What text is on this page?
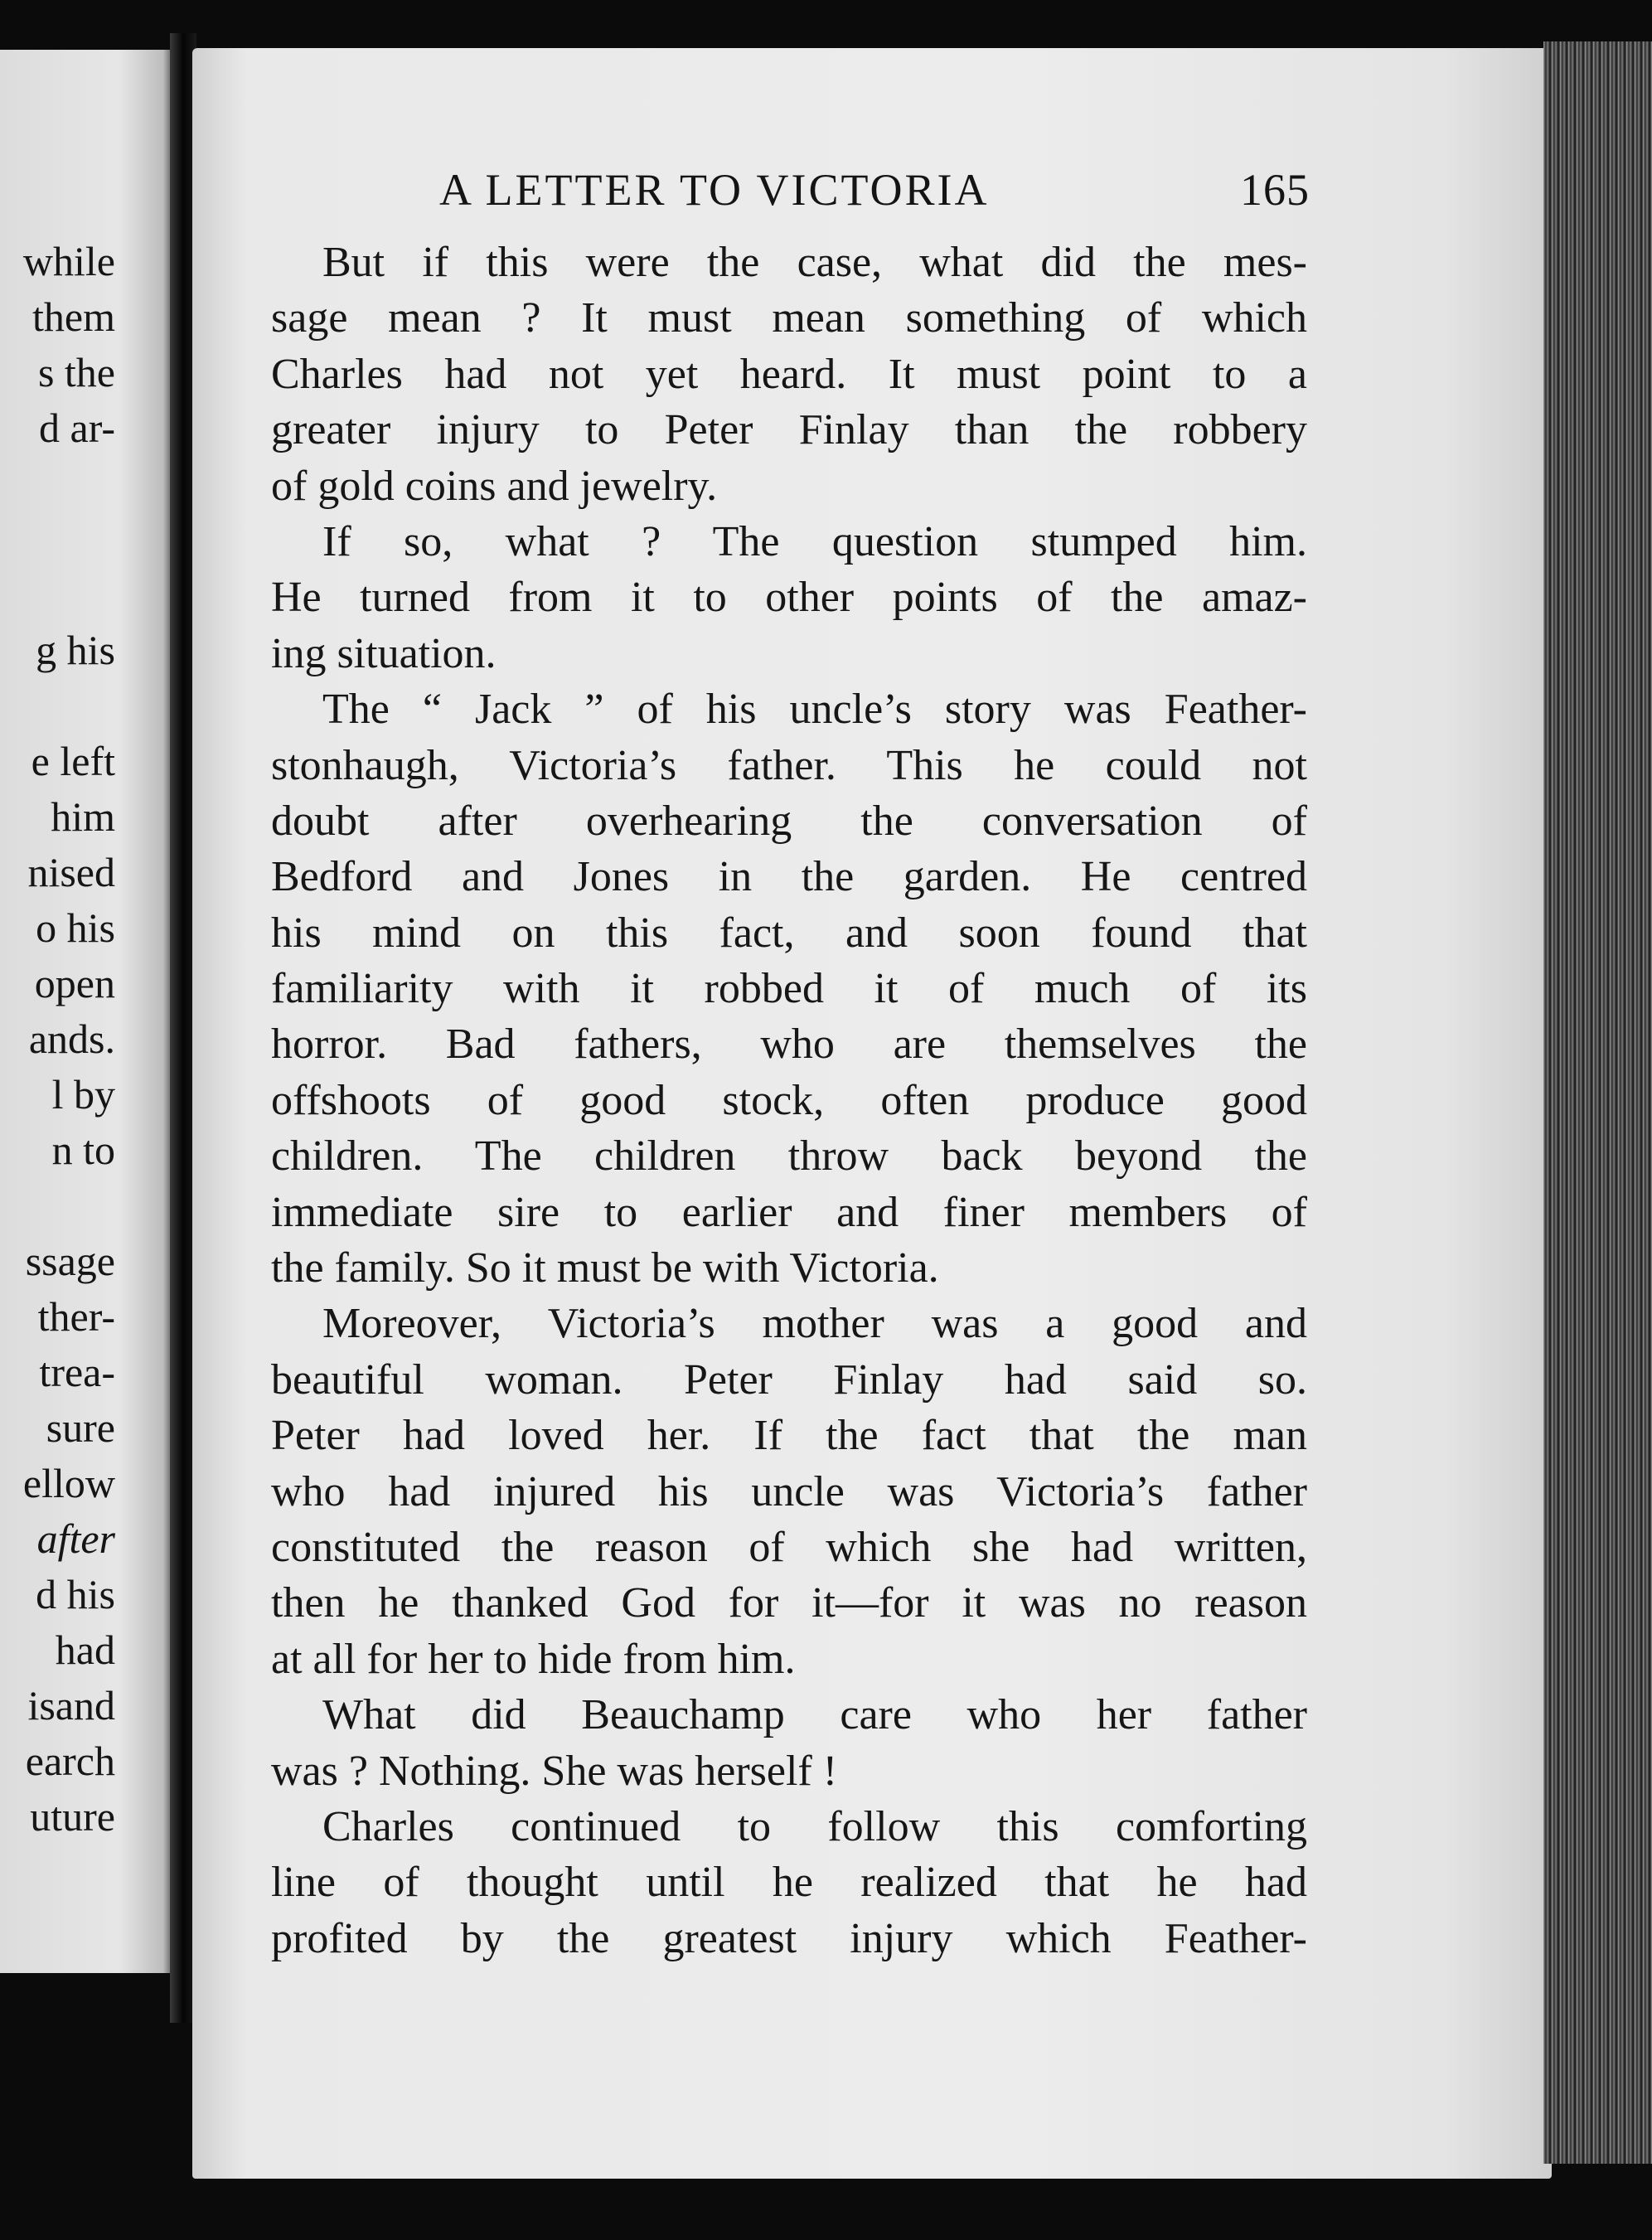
while
them
s the
d ar-
g his
e left
him
nised
o his
open
ands.
l by
n to
ssage
ther-
trea-
sure
ellow
after
d his
had
isand
earch
uture
A LETTER TO VICTORIA	165
But if this were the case, what did the mes-
sage mean ? It must mean something of which
Charles had not yet heard. It must point to a
greater injury to Peter Finlay than the robbery
of gold coins and jewelry.
If so, what ? The question stumped him.
He turned from it to other points of the amaz-
ing situation.
The “ Jack ” of his uncle’s story was Feather-
stonhaugh, Victoria’s father. This he could not
doubt after overhearing the conversation of
Bedford and Jones in the garden. He centred
his mind on this fact, and soon found that
familiarity with it robbed it of much of its
horror. Bad fathers, who are themselves the
offshoots of good stock, often produce good
children. The children throw back beyond the
immediate sire to earlier and finer members of
the family. So it must be with Victoria.
Moreover, Victoria’s mother was a good and
beautiful woman. Peter Finlay had said so.
Peter had loved her. If the fact that the man
who had injured his uncle was Victoria’s father
constituted the reason of which she had written,
then he thanked God for it—for it was no reason
at all for her to hide from him.
What did Beauchamp care who her father
was ? Nothing. She was herself !
Charles continued to follow this comforting
line of thought until he realized that he had
profited by the greatest injury which Feather-
